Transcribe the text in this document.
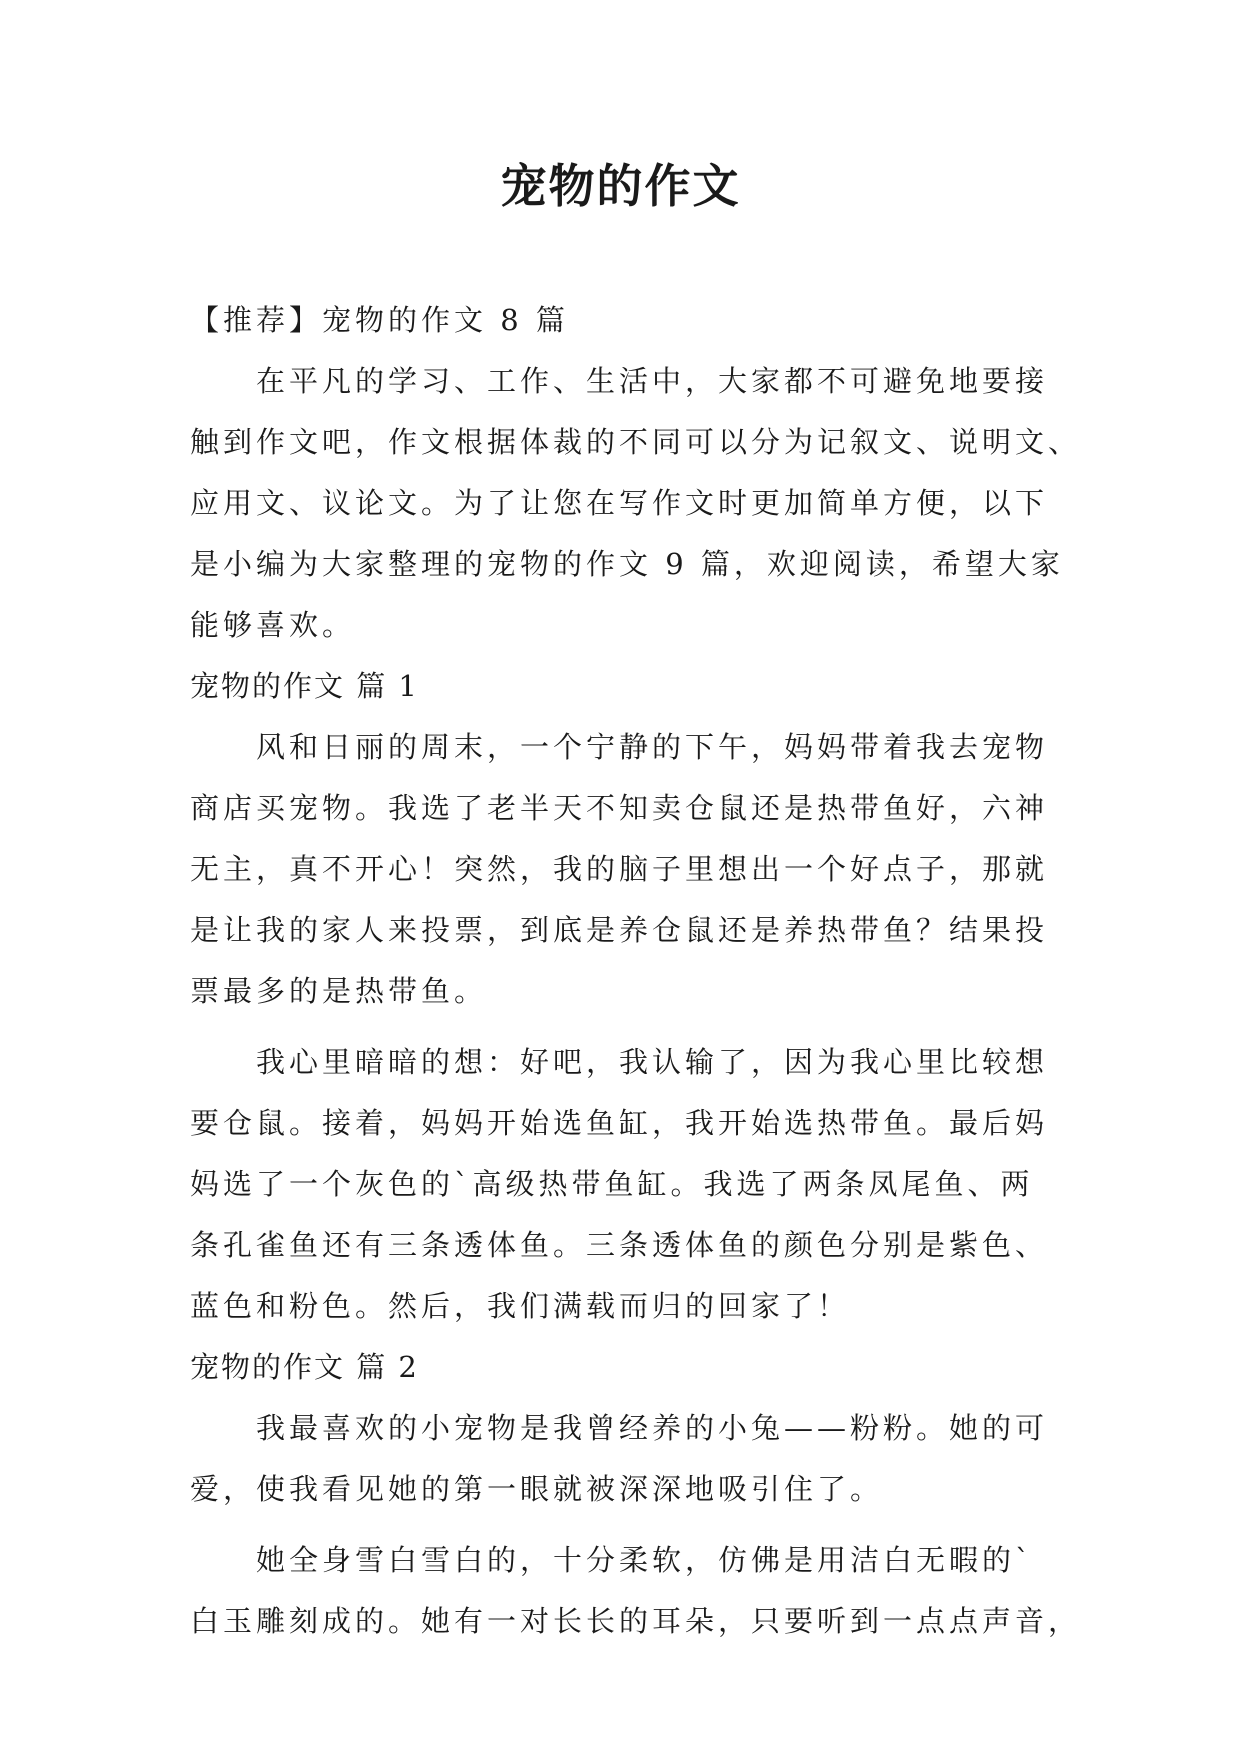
宠物的作文
【推荐】宠物的作文 8 篇
在平凡的学习、工作、生活中，大家都不可避免地要接
触到作文吧，作文根据体裁的不同可以分为记叙文、说明文、
应用文、议论文。为了让您在写作文时更加简单方便，以下
是小编为大家整理的宠物的作文 9 篇，欢迎阅读，希望大家
能够喜欢。
宠物的作文 篇 1
风和日丽的周末，一个宁静的下午，妈妈带着我去宠物
商店买宠物。我选了老半天不知卖仓鼠还是热带鱼好，六神
无主，真不开心！突然，我的脑子里想出一个好点子，那就
是让我的家人来投票，到底是养仓鼠还是养热带鱼？结果投
票最多的是热带鱼。
我心里暗暗的想：好吧，我认输了，因为我心里比较想
要仓鼠。接着，妈妈开始选鱼缸，我开始选热带鱼。最后妈
妈选了一个灰色的`高级热带鱼缸。我选了两条凤尾鱼、两
条孔雀鱼还有三条透体鱼。三条透体鱼的颜色分别是紫色、
蓝色和粉色。然后，我们满载而归的回家了！
宠物的作文 篇 2
我最喜欢的小宠物是我曾经养的小兔——粉粉。她的可
爱，使我看见她的第一眼就被深深地吸引住了。
她全身雪白雪白的，十分柔软，仿佛是用洁白无暇的`
白玉雕刻成的。她有一对长长的耳朵，只要听到一点点声音，
